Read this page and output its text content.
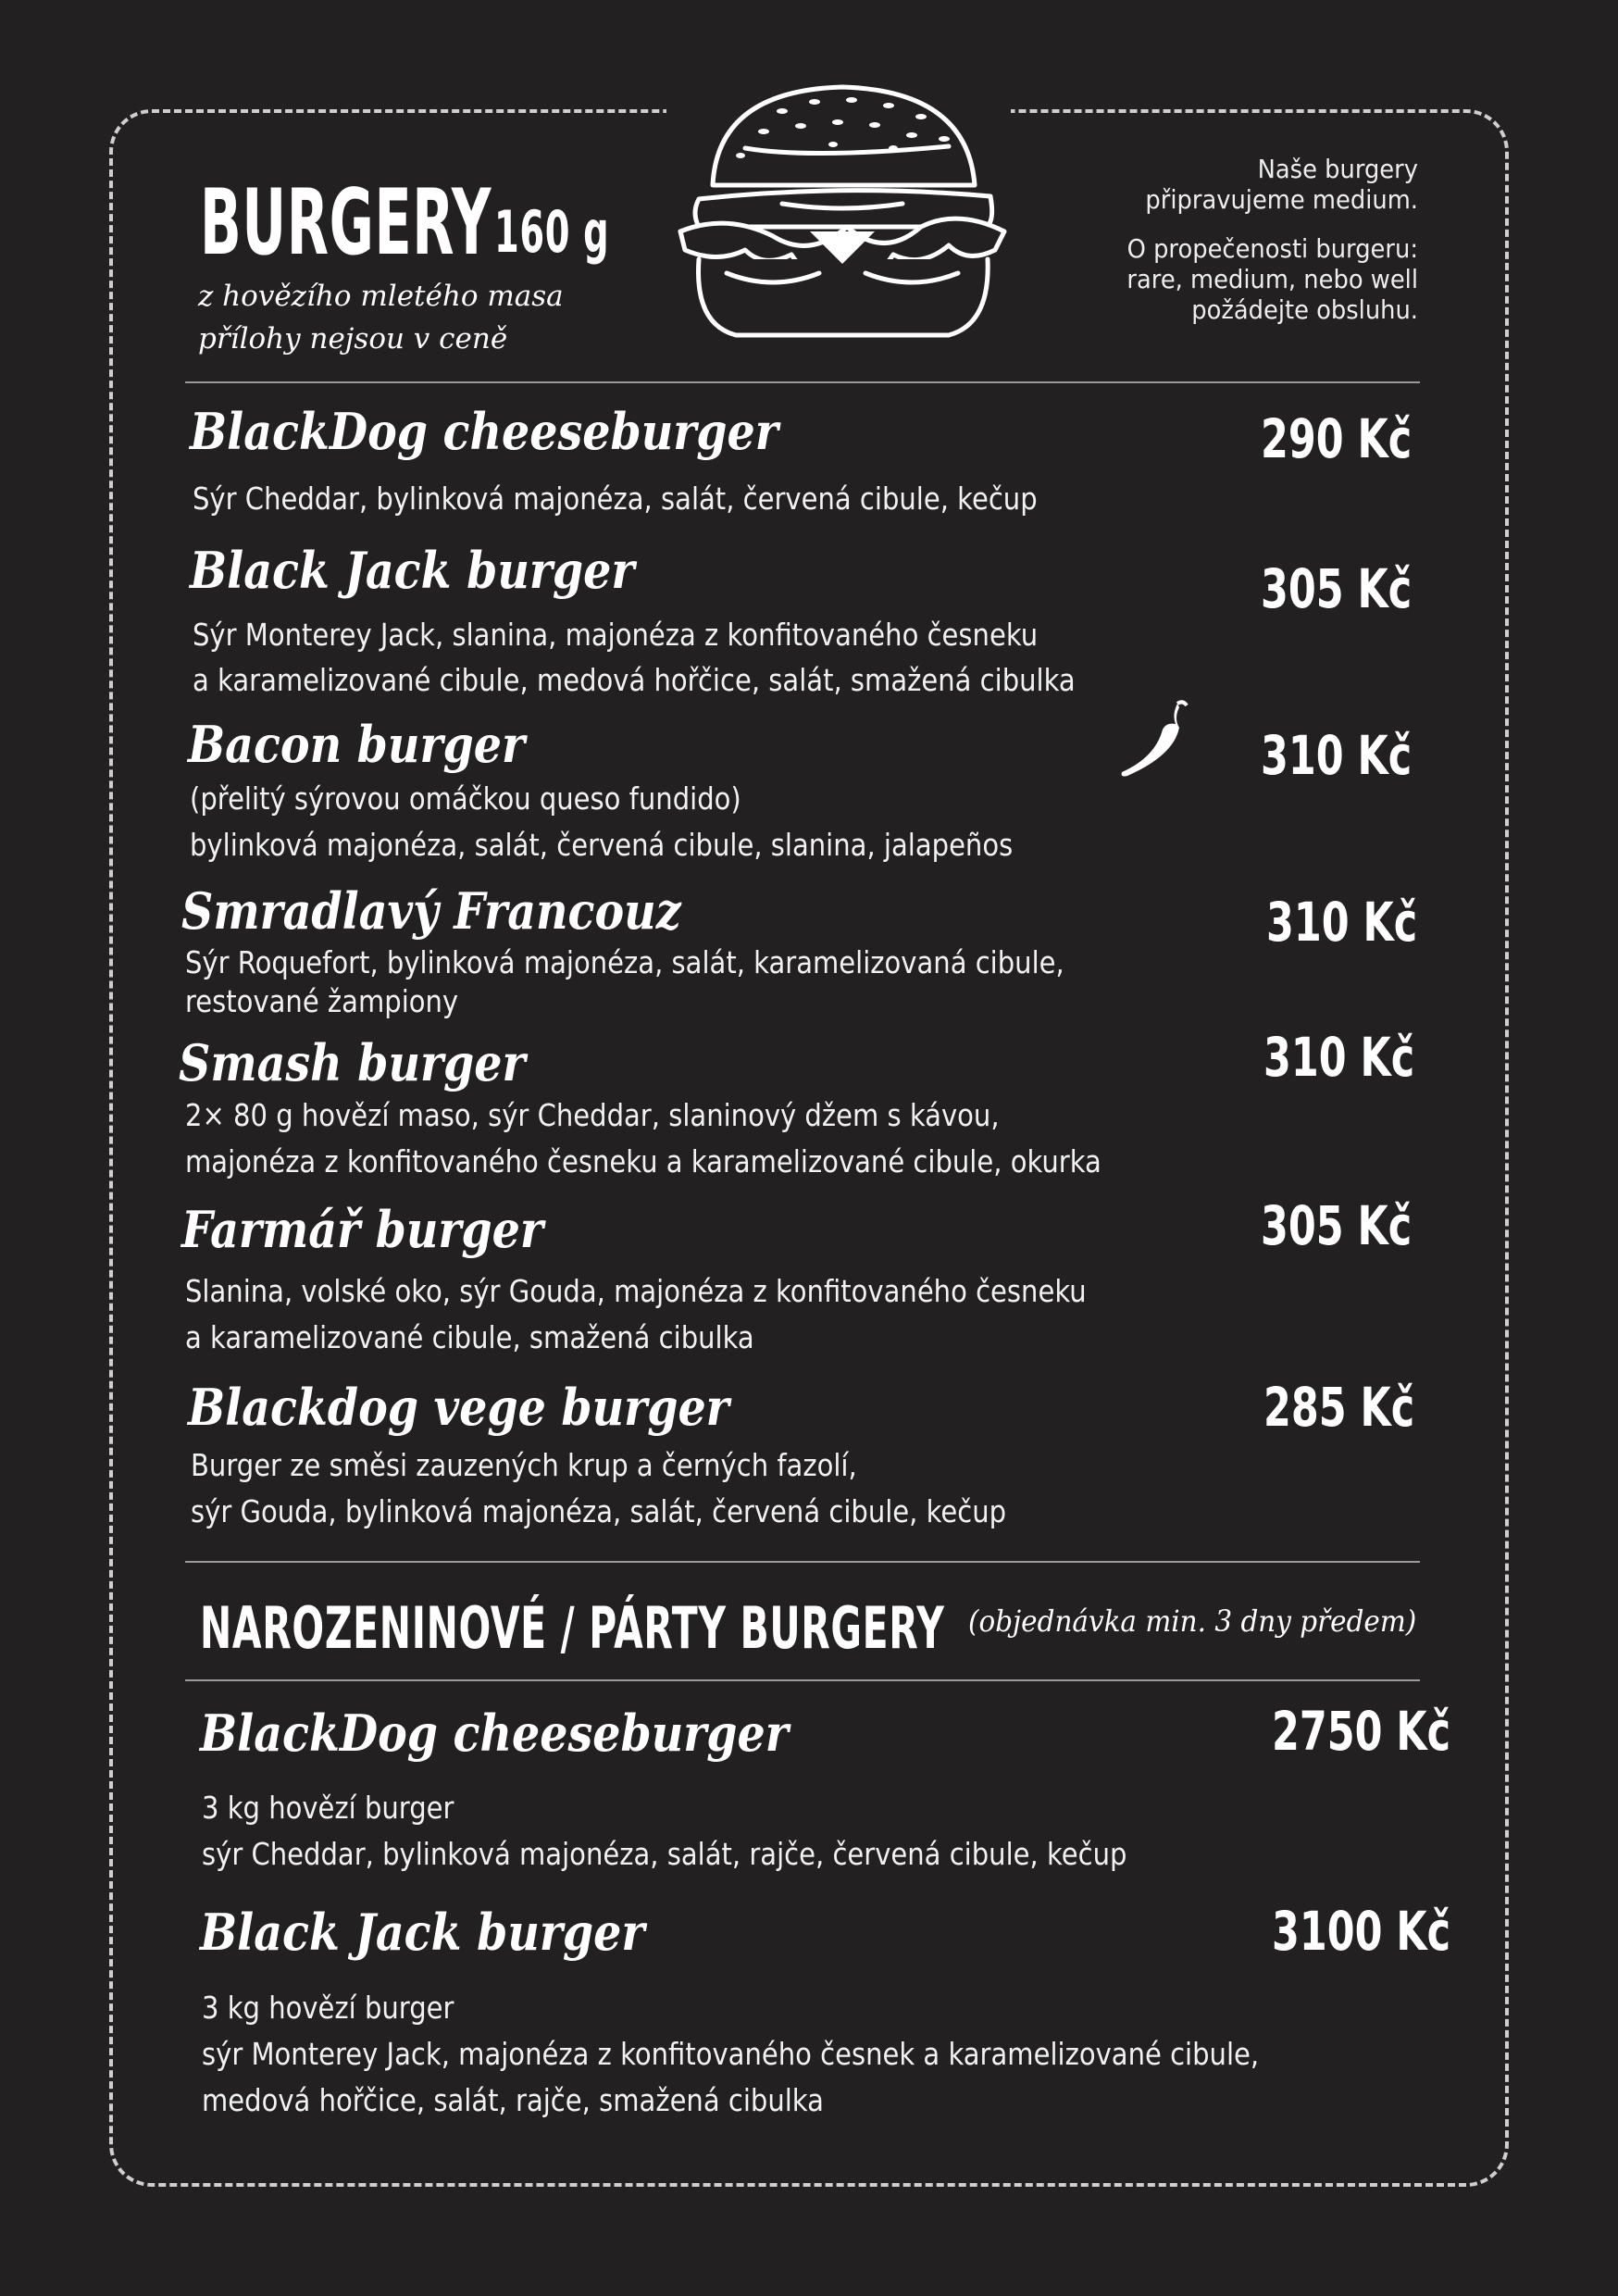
BURGERY 160 g
z hovězího mletého masa
přílohy nejsou v ceně
Naše burgery
připravujeme medium.
O propečenosti burgeru:
rare, medium, nebo well
požádejte obsluhu.
BlackDog cheeseburger	290 Kč
Sýr Cheddar, bylinková majonéza, salát, červená cibule, kečup
Black Jack burger	305 Kč
Sýr Monterey Jack, slanina, majonéza z konfitovaného česneku
a karamelizované cibule, medová hořčice, salát, smažená cibulka
Bacon burger	310 Kč
(přelitý sýrovou omáčkou queso fundido)
bylinková majonéza, salát, červená cibule, slanina, jalapeños
Smradlavý Francouz	310 Kč
Sýr Roquefort, bylinková majonéza, salát, karamelizovaná cibule,
restované žampiony
Smash burger	310 Kč
2× 80 g hovězí maso, sýr Cheddar, slaninový džem s kávou,
majonéza z konfitovaného česneku a karamelizované cibule, okurka
Farmář burger	305 Kč
Slanina, volské oko, sýr Gouda, majonéza z konfitovaného česneku
a karamelizované cibule, smažená cibulka
Blackdog vege burger	285 Kč
Burger ze směsi zauzených krup a černých fazolí,
sýr Gouda, bylinková majonéza, salát, červená cibule, kečup
NAROZENINOVÉ / PÁRTY BURGERY (objednávka min. 3 dny předem)
BlackDog cheeseburger	2750 Kč
3 kg hovězí burger
sýr Cheddar, bylinková majonéza, salát, rajče, červená cibule, kečup
Black Jack burger	3100 Kč
3 kg hovězí burger
sýr Monterey Jack, majonéza z konfitovaného česnek a karamelizované cibule,
medová hořčice, salát, rajče, smažená cibulka
